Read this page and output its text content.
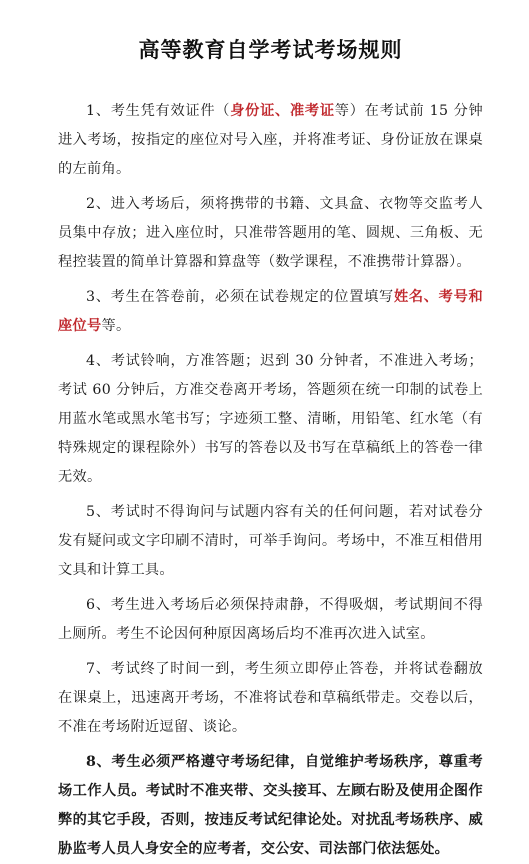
高等教育自学考试考场规则

1、考生凭有效证件（身份证、准考证等）在考试前 15 分钟进入考场，按指定的座位对号入座，并将准考证、身份证放在课桌的左前角。

2、进入考场后，须将携带的书籍、文具盒、衣物等交监考人员集中存放；进入座位时，只准带答题用的笔、圆规、三角板、无程控装置的简单计算器和算盘等（数学课程，不准携带计算器）。

3、考生在答卷前，必须在试卷规定的位置填写姓名、考号和座位号等。

4、考试铃响，方准答题；迟到 30 分钟者，不准进入考场；考试 60 分钟后，方准交卷离开考场，答题须在统一印制的试卷上用蓝水笔或黑水笔书写；字迹须工整、清晰，用铅笔、红水笔（有特殊规定的课程除外）书写的答卷以及书写在草稿纸上的答卷一律无效。

5、考试时不得询问与试题内容有关的任何问题，若对试卷分发有疑问或文字印刷不清时，可举手询问。考场中，不准互相借用文具和计算工具。

6、考生进入考场后必须保持肃静，不得吸烟，考试期间不得上厕所。考生不论因何种原因离场后均不准再次进入试室。

7、考试终了时间一到，考生须立即停止答卷，并将试卷翻放在课桌上，迅速离开考场，不准将试卷和草稿纸带走。交卷以后，不准在考场附近逗留、谈论。

8、考生必须严格遵守考场纪律，自觉维护考场秩序，尊重考场工作人员。考试时不准夹带、交头接耳、左顾右盼及使用企图作弊的其它手段，否则，按违反考试纪律论处。对扰乱考场秩序、威胁监考人员人身安全的应考者，交公安、司法部门依法惩处。
